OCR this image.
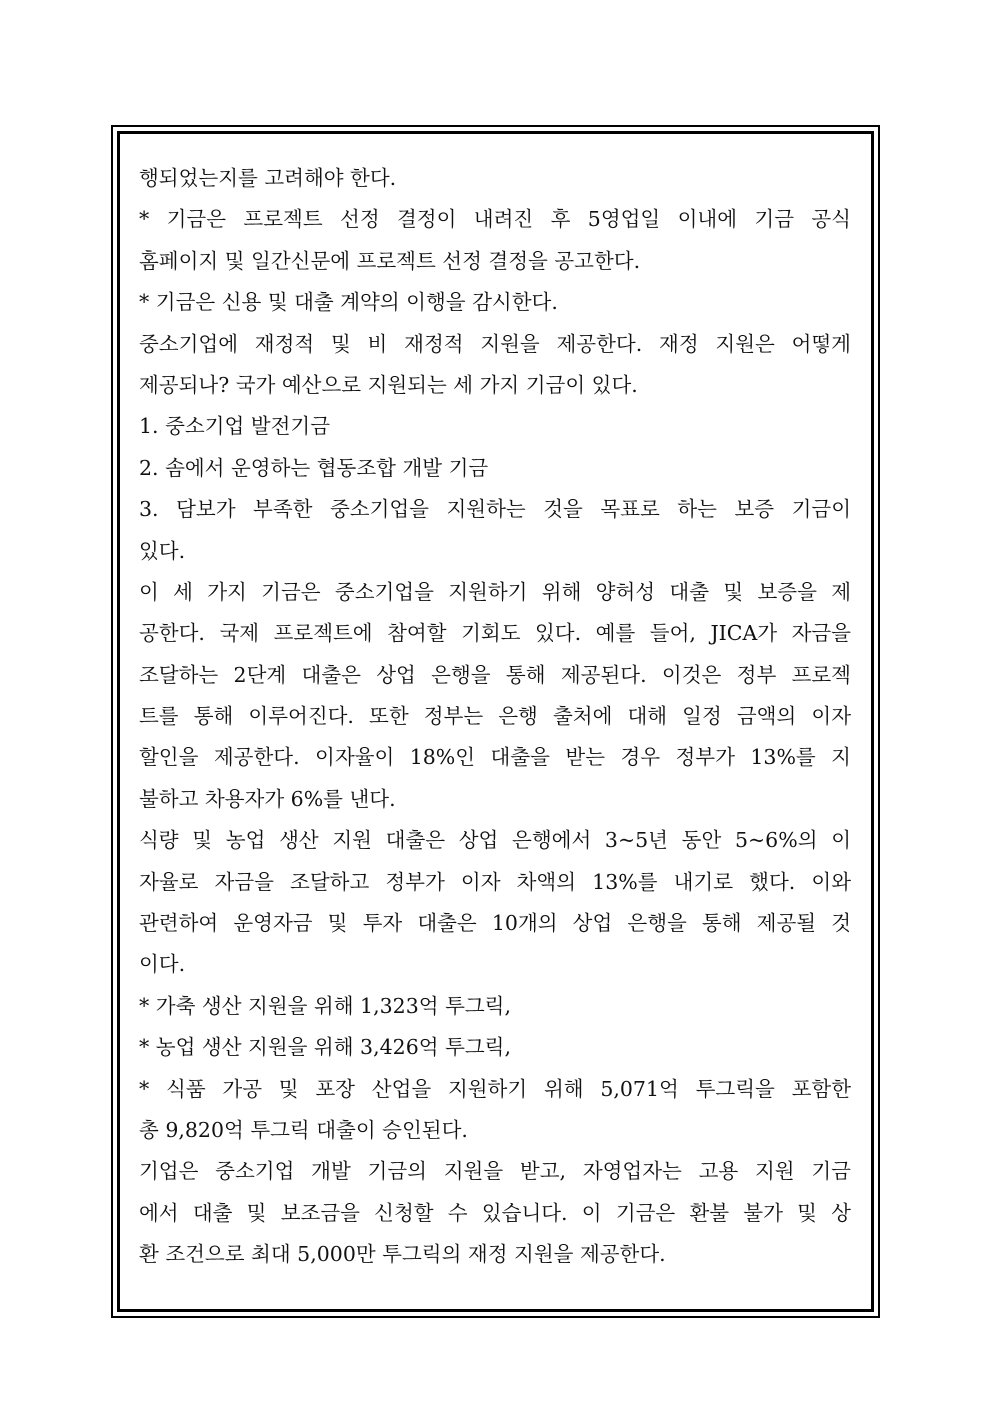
행되었는지를 고려해야 한다.
* 기금은 프로젝트 선정 결정이 내려진 후 5영업일 이내에 기금 공식
홈페이지 및 일간신문에 프로젝트 선정 결정을 공고한다.
* 기금은 신용 및 대출 계약의 이행을 감시한다.
중소기업에 재정적 및 비 재정적 지원을 제공한다. 재정 지원은 어떻게
제공되나? 국가 예산으로 지원되는 세 가지 기금이 있다.
1. 중소기업 발전기금
2. 솜에서 운영하는 협동조합 개발 기금
3. 담보가 부족한 중소기업을 지원하는 것을 목표로 하는 보증 기금이
있다.
이 세 가지 기금은 중소기업을 지원하기 위해 양허성 대출 및 보증을 제
공한다. 국제 프로젝트에 참여할 기회도 있다. 예를 들어, JICA가 자금을
조달하는 2단계 대출은 상업 은행을 통해 제공된다. 이것은 정부 프로젝
트를 통해 이루어진다. 또한 정부는 은행 출처에 대해 일정 금액의 이자
할인을 제공한다. 이자율이 18%인 대출을 받는 경우 정부가 13%를 지
불하고 차용자가 6%를 낸다.
식량 및 농업 생산 지원 대출은 상업 은행에서 3~5년 동안 5~6%의 이
자율로 자금을 조달하고 정부가 이자 차액의 13%를 내기로 했다. 이와
관련하여 운영자금 및 투자 대출은 10개의 상업 은행을 통해 제공될 것
이다.
* 가축 생산 지원을 위해 1,323억 투그릭,
* 농업 생산 지원을 위해 3,426억 투그릭,
* 식품 가공 및 포장 산업을 지원하기 위해 5,071억 투그릭을 포함한
총 9,820억 투그릭 대출이 승인된다.
기업은 중소기업 개발 기금의 지원을 받고, 자영업자는 고용 지원 기금
에서 대출 및 보조금을 신청할 수 있습니다. 이 기금은 환불 불가 및 상
환 조건으로 최대 5,000만 투그릭의 재정 지원을 제공한다.
